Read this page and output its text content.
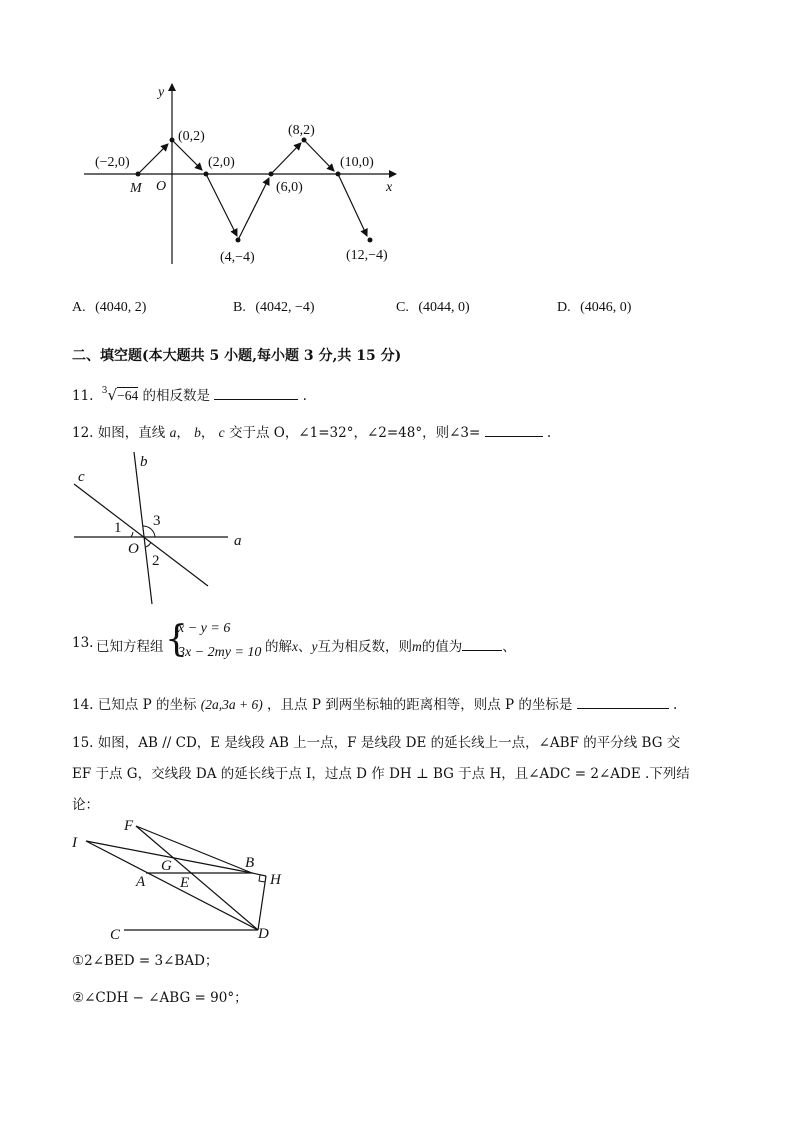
y
x
O
M
(−2,0)
(0,2)
(2,0)
(4,−4)
(6,0)
(8,2)
(10,0)
(12,−4)
A. (4040, 2)	B. (4042, −4)	C. (4044, 0)	D. (4046, 0)
二、填空题(本大题共 5 小题,每小题 3 分,共 15 分)
11. $^3$√−64 的相反数是	.
12. 如图，直线 a， b， c 交于点 O，∠1=32°，∠2=48°，则∠3=	.
c
b
a
O
1 3
2
13. 已知方程组 {
x − y = 6
3x − 2my = 10 的解x、y互为相反数，则m的值为	、
14. 已知点 P 的坐标 (2a,3a + 6) ，且点 P 到两坐标轴的距离相等，则点 P 的坐标是	.
15. 如图，AB // CD，E 是线段 AB 上一点，F 是线段 DE 的延长线上一点，∠ABF 的平分线 BG 交
EF 于点 G，交线段 DA 的延长线于点 I，过点 D 作 DH ⊥ BG 于点 H，且∠ADC = 2∠ADE .下列结
论：
F
I
G	B
H
A E
C	D
①2∠BED = 3∠BAD；
②∠CDH − ∠ABG = 90°；
